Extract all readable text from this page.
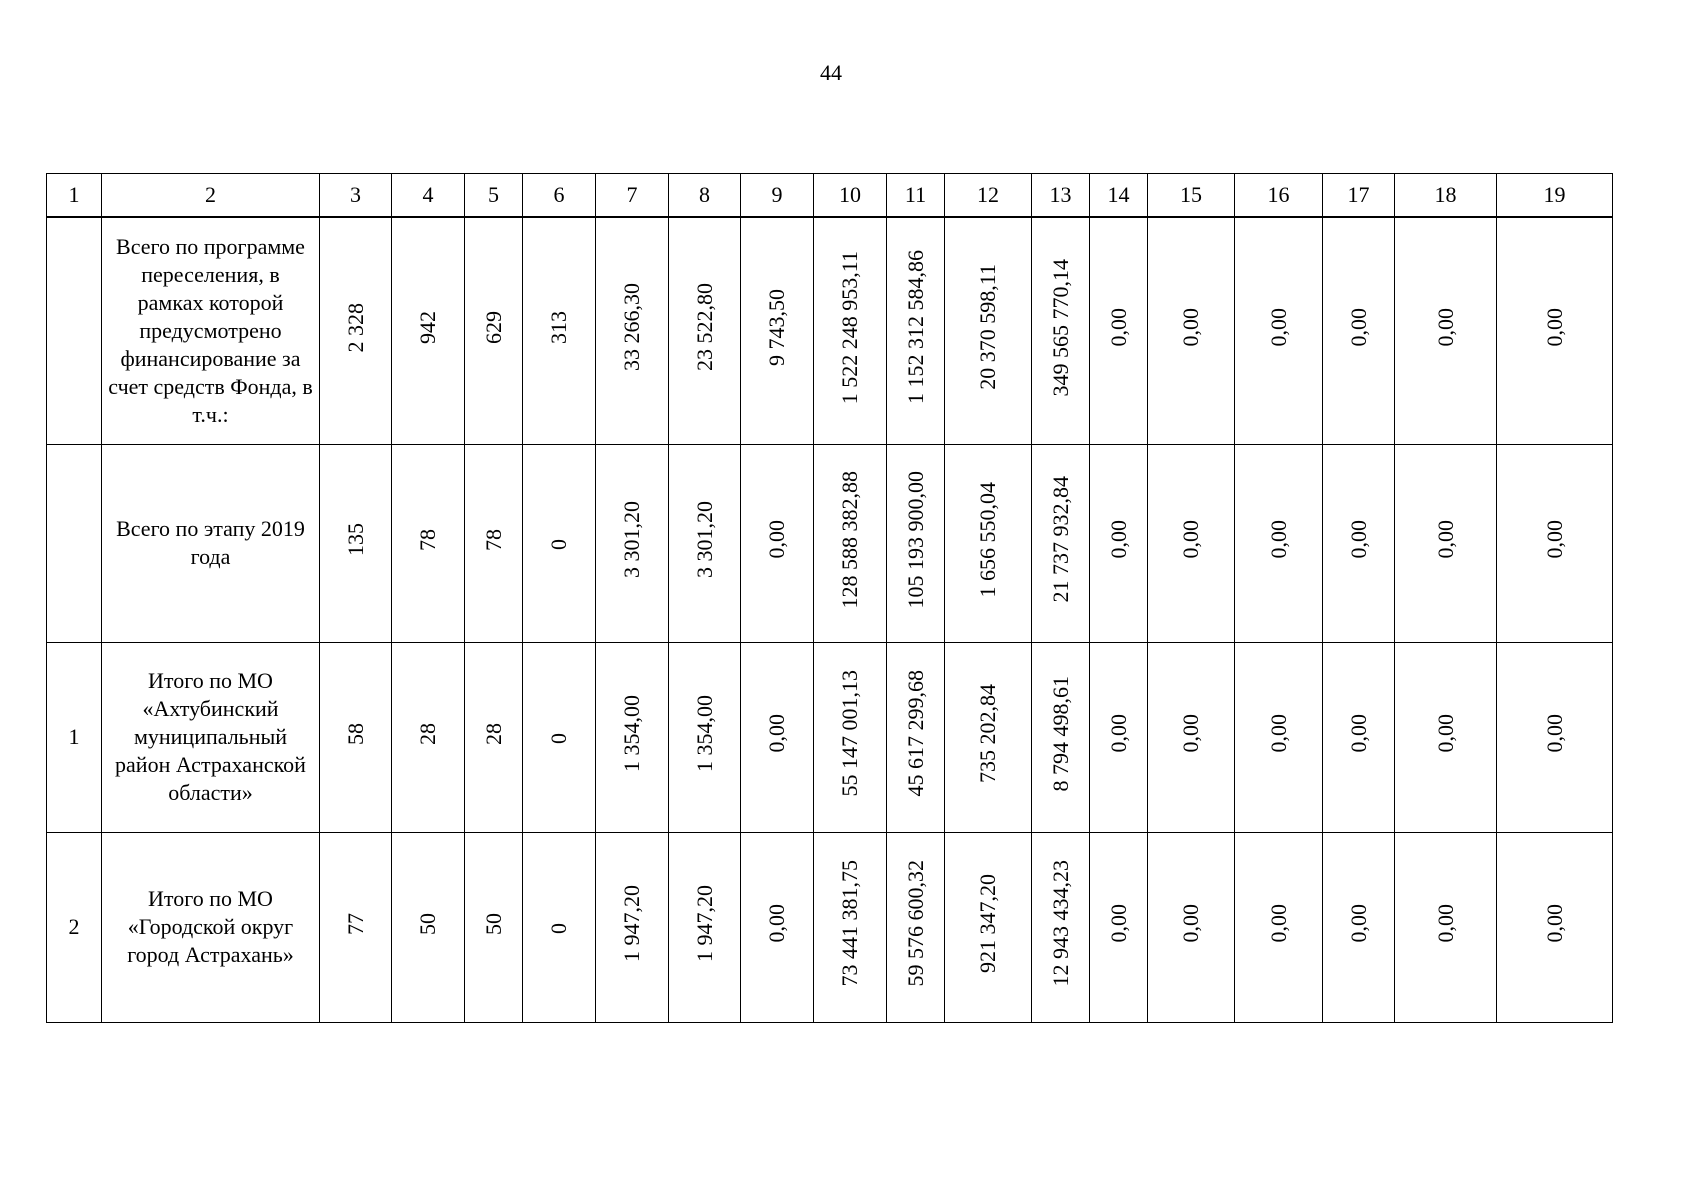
44
1	2	3	4	5	6	7	8	9	10	11	12	13	14	15	16	17	18	19
	Всего по программе переселения, в рамках которой предусмотрено финансирование за счет средств Фонда, в т.ч.:	2 328	942	629	313	33 266,30	23 522,80	9 743,50	1 522 248 953,11	1 152 312 584,86	20 370 598,11	349 565 770,14	0,00	0,00	0,00	0,00	0,00	0,00
	Всего по этапу 2019 года	135	78	78	0	3 301,20	3 301,20	0,00	128 588 382,88	105 193 900,00	1 656 550,04	21 737 932,84	0,00	0,00	0,00	0,00	0,00	0,00
1	Итого по МО «Ахтубинский муниципальный район Астраханской области»	58	28	28	0	1 354,00	1 354,00	0,00	55 147 001,13	45 617 299,68	735 202,84	8 794 498,61	0,00	0,00	0,00	0,00	0,00	0,00
2	Итого по МО «Городской округ город Астрахань»	77	50	50	0	1 947,20	1 947,20	0,00	73 441 381,75	59 576 600,32	921 347,20	12 943 434,23	0,00	0,00	0,00	0,00	0,00	0,00
